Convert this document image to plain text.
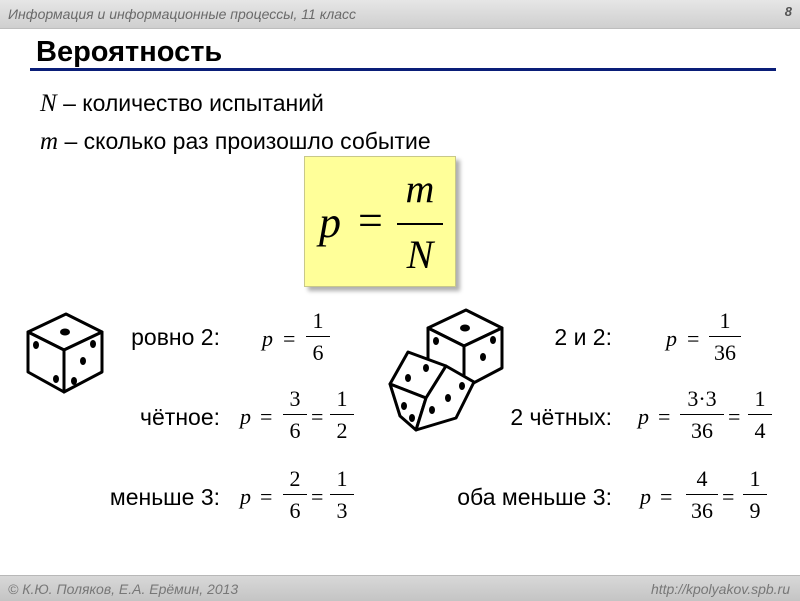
Информация и информационные процессы, 11 класс	8
Вероятность
N – количество испытаний
m – сколько раз произошло событие
p =
m
N
ровно 2: p =
1
6
чётное: p =
3
6
=
1
2
меньше 3: p =
2
6
=
1
3
2 и 2: p =
1
36
2 чётных: p =
3·3
36
=
1
4
оба меньше 3: p =
4
36
=
1
9
© К.Ю. Поляков, Е.А. Ерёмин, 2013	http://kpolyakov.spb.ru
